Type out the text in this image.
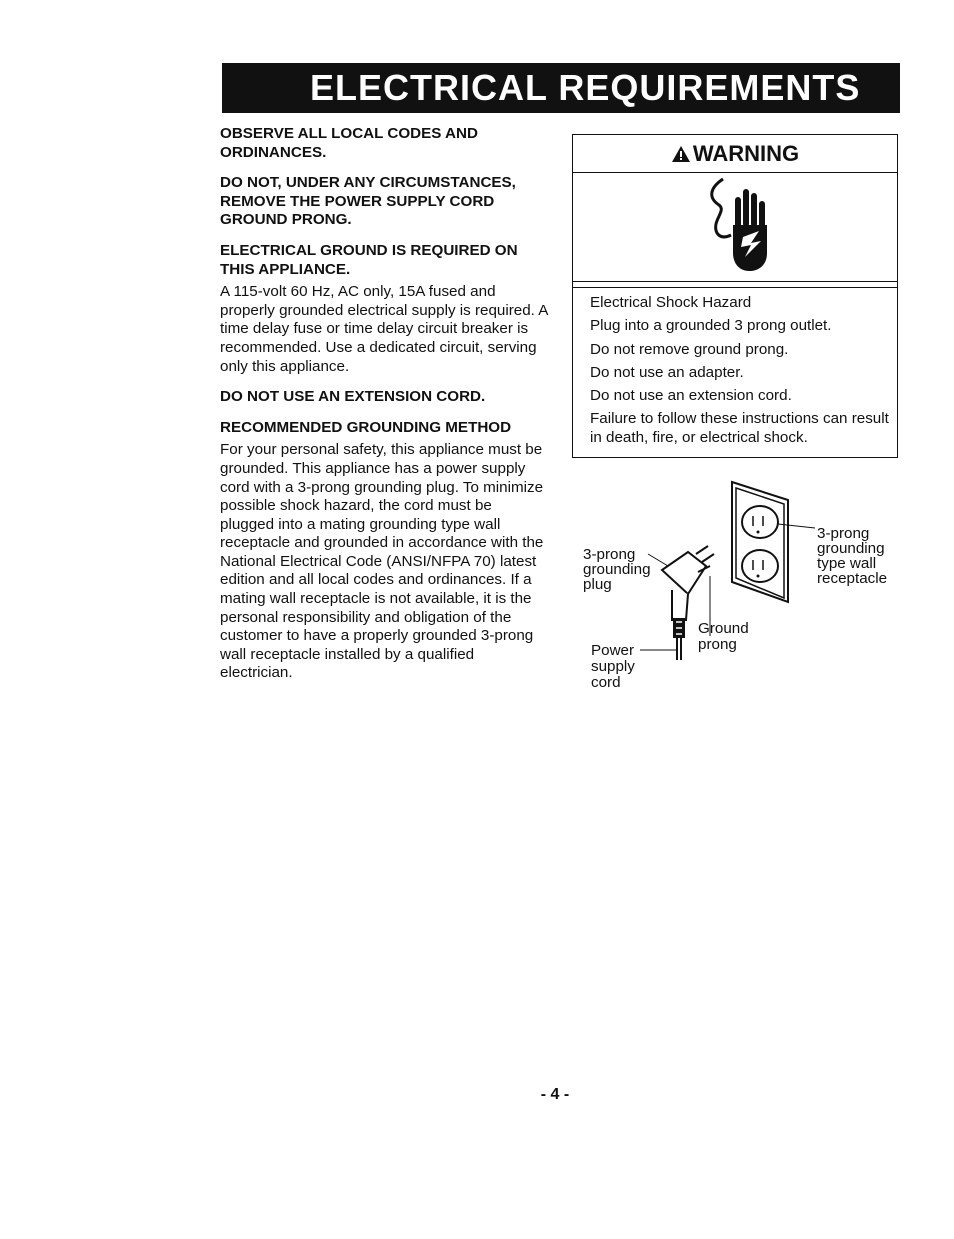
ELECTRICAL REQUIREMENTS
OBSERVE ALL LOCAL CODES AND ORDINANCES.
DO NOT, UNDER ANY CIRCUMSTANCES, REMOVE THE POWER SUPPLY CORD GROUND PRONG.
ELECTRICAL GROUND IS REQUIRED ON THIS APPLIANCE.

A 115-volt 60 Hz, AC only, 15A fused and properly grounded electrical supply is required. A time delay fuse or time delay circuit breaker is recommended. Use a dedicated circuit, serving only this appliance.

DO NOT USE AN EXTENSION CORD.
RECOMMENDED GROUNDING METHOD

For your personal safety, this appliance must be grounded. This appliance has a power supply cord with a 3-prong grounding plug. To minimize possible shock hazard, the cord must be plugged into a mating grounding type wall receptacle and grounded in accordance with the National Electrical Code (ANSI/NFPA 70) latest edition and all local codes and ordinances. If a mating wall receptacle is not available, it is the personal responsibility and obligation of the customer to have a properly grounded 3-prong wall receptacle installed by a qualified electrician.

WARNING
Electrical Shock Hazard
Plug into a grounded 3 prong outlet.
Do not remove ground prong.
Do not use an adapter.
Do not use an extension cord.
Failure to follow these instructions can result in death, fire, or electrical shock.
3-prong
grounding
type wall
receptacle
3-prong
grounding
plug
Ground
prong
Power
supply
cord
- 4 -
